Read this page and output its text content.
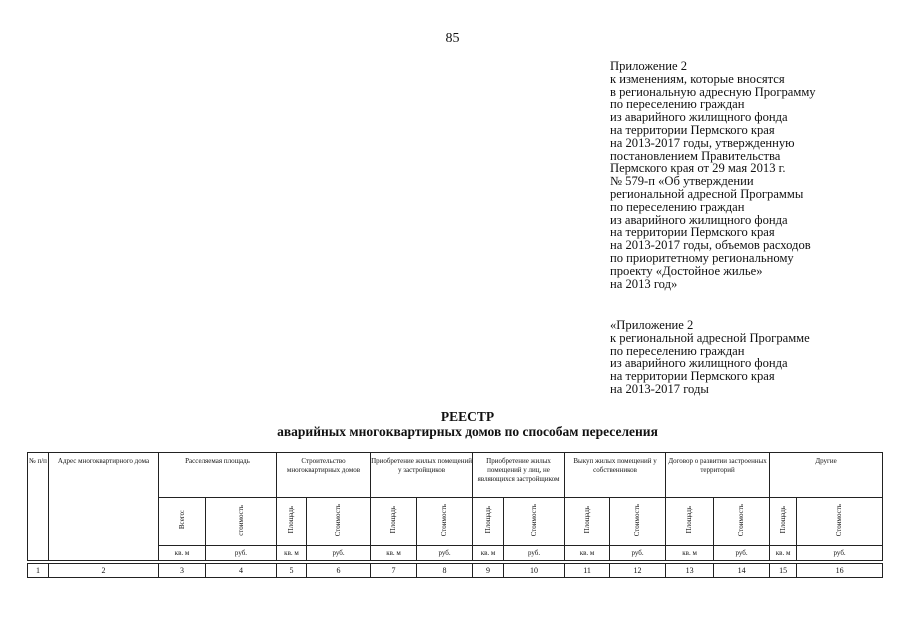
85
Приложение 2
к изменениям, которые вносятся
в региональную адресную Программу
по переселению граждан
из аварийного жилищного фонда
на территории Пермского края
на 2013-2017 годы, утвержденную
постановлением Правительства
Пермского края от 29 мая 2013 г.
№ 579-п «Об утверждении
региональной адресной Программы
по переселению граждан
из аварийного жилищного фонда
на территории Пермского края
на 2013-2017 годы, объемов расходов
по приоритетному региональному
проекту «Достойное жилье»
на 2013 год»
«Приложение 2
к региональной адресной Программе
по переселению граждан
из аварийного жилищного фонда
на территории Пермского края
на 2013-2017 годы
РЕЕСТР
аварийных многоквартирных домов по способам переселения
№ п/п	Адрес многоквартирного дома	Расселяемая площадь		Строительство многоквартирных домов		Приобретение жилых помещений у застройщиков		Приобретение жилых помещений у лиц, не являющихся застройщиком		Выкуп жилых помещений у собственников		Договор о развитии застроенных территорий		Другие	
		Всего:	стоимость	Площадь	Стоимость	Площадь	Стоимость	Площадь	Стоимость	Площадь	Стоимость	Площадь	Стоимость	Площадь	Стоимость
		кв. м	руб.	кв. м	руб.	кв. м	руб.	кв. м	руб.	кв. м	руб.	кв. м	руб.	кв. м	руб.

1	2	3	4	5	6	7	8	9	10	11	12	13	14	15	16
